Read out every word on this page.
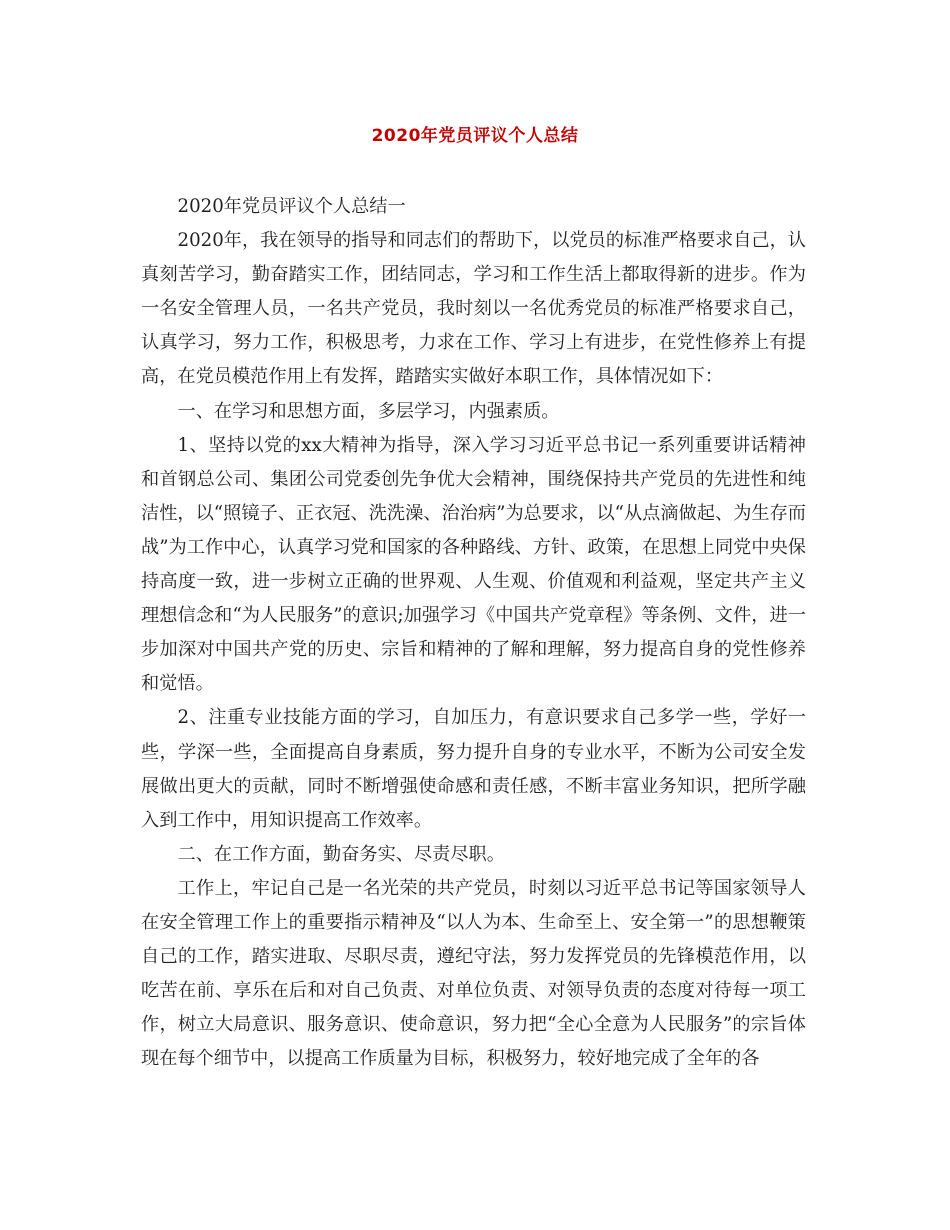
2020年党员评议个人总结

2020年党员评议个人总结一

2020年，我在领导的指导和同志们的帮助下，以党员的标准严格要求自己，认真刻苦学习，勤奋踏实工作，团结同志，学习和工作生活上都取得新的进步。作为一名安全管理人员，一名共产党员，我时刻以一名优秀党员的标准严格要求自己，认真学习，努力工作，积极思考，力求在工作、学习上有进步，在党性修养上有提高，在党员模范作用上有发挥，踏踏实实做好本职工作，具体情况如下：

一、在学习和思想方面，多层学习，内强素质。

1、坚持以党的xx大精神为指导，深入学习习近平总书记一系列重要讲话精神和首钢总公司、集团公司党委创先争优大会精神，围绕保持共产党员的先进性和纯洁性，以“照镜子、正衣冠、洗洗澡、治治病”为总要求，以“从点滴做起、为生存而战”为工作中心，认真学习党和国家的各种路线、方针、政策，在思想上同党中央保持高度一致，进一步树立正确的世界观、人生观、价值观和利益观，坚定共产主义理想信念和“为人民服务”的意识;加强学习《中国共产党章程》等条例、文件，进一步加深对中国共产党的历史、宗旨和精神的了解和理解，努力提高自身的党性修养和觉悟。

2、注重专业技能方面的学习，自加压力，有意识要求自己多学一些，学好一些，学深一些，全面提高自身素质，努力提升自身的专业水平，不断为公司安全发展做出更大的贡献，同时不断增强使命感和责任感，不断丰富业务知识，把所学融入到工作中，用知识提高工作效率。

二、在工作方面，勤奋务实、尽责尽职。

工作上，牢记自己是一名光荣的共产党员，时刻以习近平总书记等国家领导人在安全管理工作上的重要指示精神及“以人为本、生命至上、安全第一”的思想鞭策自己的工作，踏实进取、尽职尽责，遵纪守法，努力发挥党员的先锋模范作用，以吃苦在前、享乐在后和对自己负责、对单位负责、对领导负责的态度对待每一项工作，树立大局意识、服务意识、使命意识，努力把“全心全意为人民服务”的宗旨体现在每个细节中，以提高工作质量为目标，积极努力，较好地完成了全年的各
